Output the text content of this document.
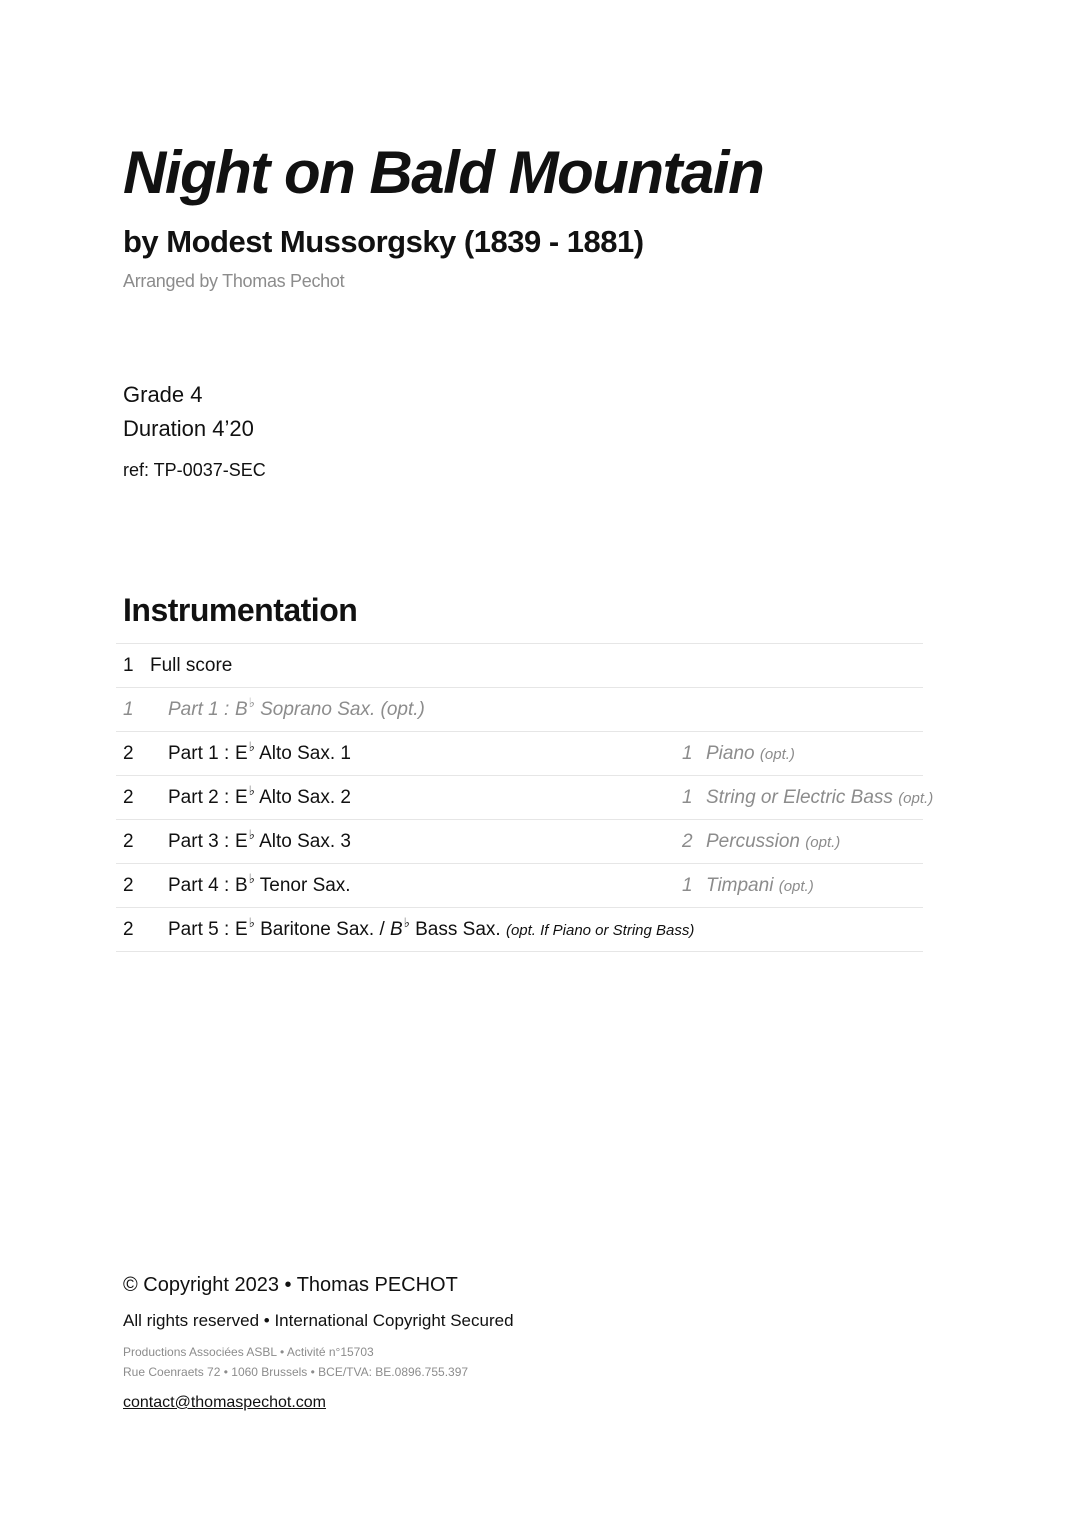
Night on Bald Mountain
by Modest Mussorgsky (1839 - 1881)
Arranged by Thomas Pechot
Grade 4
Duration 4’20
ref: TP-0037-SEC
Instrumentation
1 Full score
1 Part 1 : B♭ Soprano Sax. (opt.)
2 Part 1 : E♭ Alto Sax. 1	1 Piano (opt.)
2 Part 2 : E♭ Alto Sax. 2	1 String or Electric Bass (opt.)
2 Part 3 : E♭ Alto Sax. 3	2 Percussion (opt.)
2 Part 4 : B♭ Tenor Sax.	1 Timpani (opt.)
2 Part 5 : E♭ Baritone Sax. / B♭ Bass Sax. (opt. If Piano or String Bass)
© Copyright 2023 • Thomas PECHOT
All rights reserved • International Copyright Secured
Productions Associées ASBL • Activité n°15703
Rue Coenraets 72 • 1060 Brussels • BCE/TVA: BE.0896.755.397
contact@thomaspechot.com
